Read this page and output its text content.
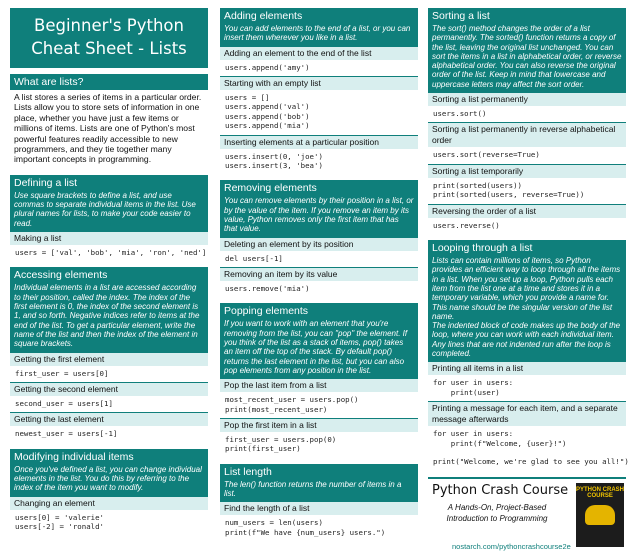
Beginner's Python
Cheat Sheet - Lists
What are lists?
A list stores a series of items in a particular order. Lists allow you to store sets of information in one place, whether you have just a few items or millions of items. Lists are one of Python's most powerful features readily accessible to new programmers, and they tie together many important concepts in programming.
Defining a list
Use square brackets to define a list, and use commas to separate individual items in the list. Use plural names for lists, to make your code easier to read.
Making a list
users = ['val', 'bob', 'mia', 'ron', 'ned']
Accessing elements
Individual elements in a list are accessed according to their position, called the index. The index of the first element is 0, the index of the second element is 1, and so forth. Negative indices refer to items at the end of the list. To get a particular element, write the name of the list and then the index of the element in square brackets.
Getting the first element
first_user = users[0]
Getting the second element
second_user = users[1]
Getting the last element
newest_user = users[-1]
Modifying individual items
Once you've defined a list, you can change individual elements in the list. You do this by referring to the index of the item you want to modify.
Changing an element
users[0] = 'valerie'
users[-2] = 'ronald'
Adding elements
You can add elements to the end of a list, or you can insert them wherever you like in a list.
Adding an element to the end of the list
users.append('amy')
Starting with an empty list
users = []
users.append('val')
users.append('bob')
users.append('mia')
Inserting elements at a particular position
users.insert(0, 'joe')
users.insert(3, 'bea')
Removing elements
You can remove elements by their position in a list, or by the value of the item. If you remove an item by its value, Python removes only the first item that has that value.
Deleting an element by its position
del users[-1]
Removing an item by its value
users.remove('mia')
Popping elements
If you want to work with an element that you're removing from the list, you can "pop" the element. If you think of the list as a stack of items, pop() takes an item off the top of the stack. By default pop() returns the last element in the list, but you can also pop elements from any position in the list.
Pop the last item from a list
most_recent_user = users.pop()
print(most_recent_user)
Pop the first item in a list
first_user = users.pop(0)
print(first_user)
List length
The len() function returns the number of items in a list.
Find the length of a list
num_users = len(users)
print(f"We have {num_users} users.")
Sorting a list
The sort() method changes the order of a list permanently. The sorted() function returns a copy of the list, leaving the original list unchanged. You can sort the items in a list in alphabetical order, or reverse alphabetical order. You can also reverse the original order of the list. Keep in mind that lowercase and uppercase letters may affect the sort order.
Sorting a list permanently
users.sort()
Sorting a list permanently in reverse alphabetical order
users.sort(reverse=True)
Sorting a list temporarily
print(sorted(users))
print(sorted(users, reverse=True))
Reversing the order of a list
users.reverse()
Looping through a list
Lists can contain millions of items, so Python provides an efficient way to loop through all the items in a list. When you set up a loop, Python pulls each item from the list one at a time and stores it in a temporary variable, which you provide a name for. This name should be the singular version of the list name.
The indented block of code makes up the body of the loop, where you can work with each individual item. Any lines that are not indented run after the loop is completed.
Printing all items in a list
for user in users:
print(user)
Printing a message for each item, and a separate message afterwards
for user in users:
print(f"Welcome, {user}!")

print("Welcome, we're glad to see you all!")
Python Crash Course
A Hands-On, Project-Based Introduction to Programming
nostarch.com/pythoncrashcourse2e
PYTHON CRASH COURSE
